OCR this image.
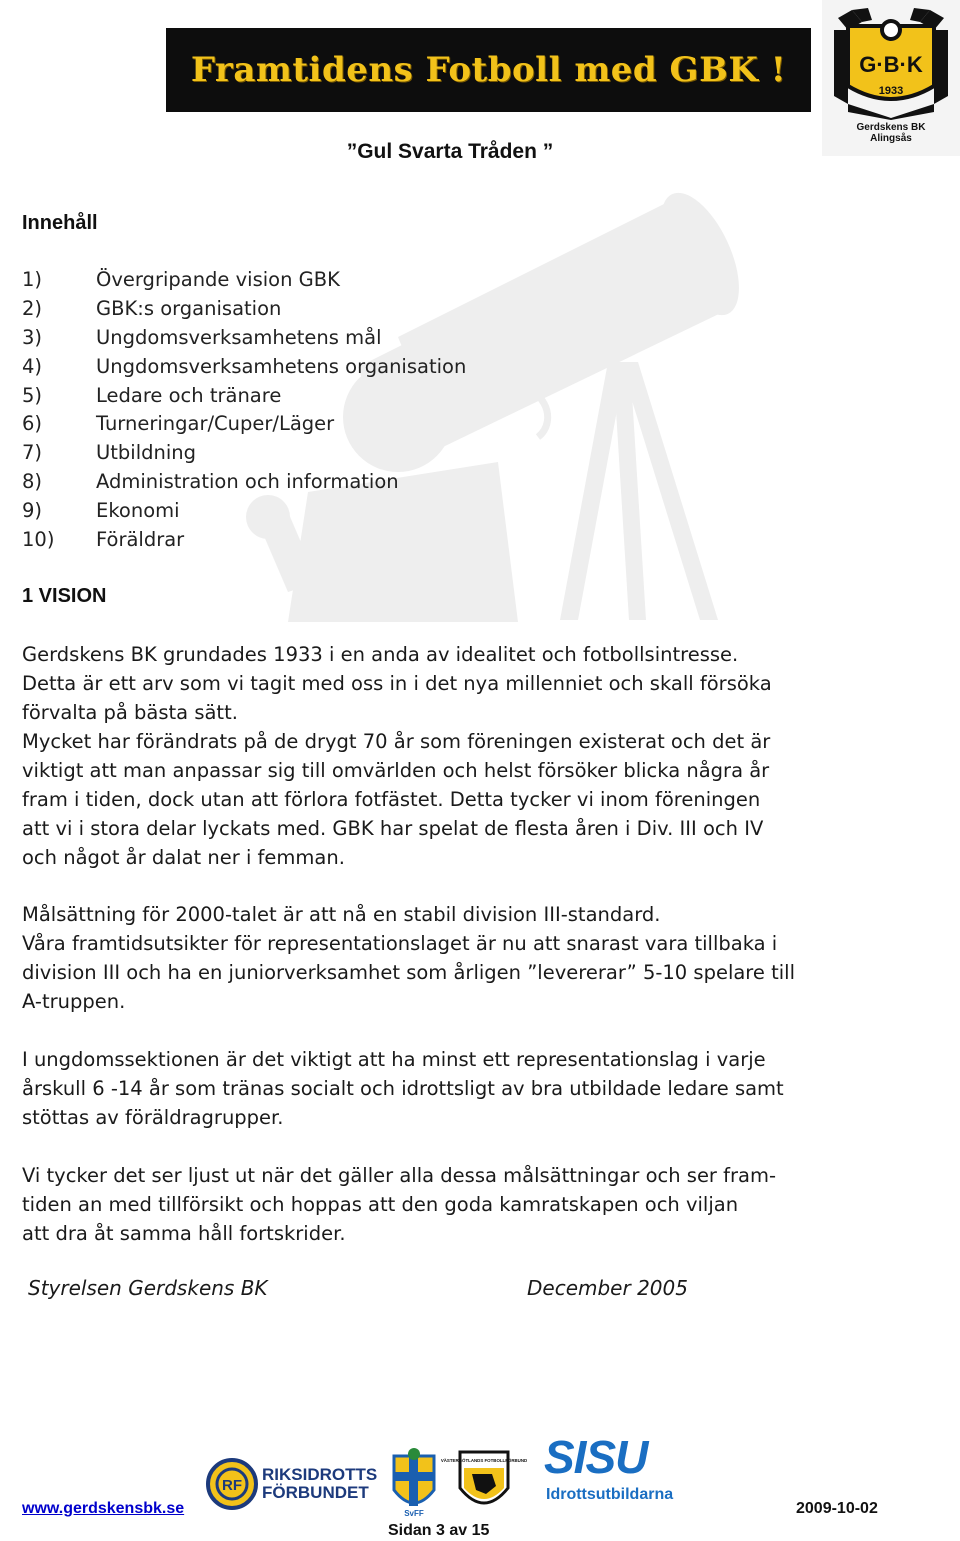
Framtidens Fotboll med GBK !	G·B·K
1933
Gerdskens BK
Alingsås
”Gul Svarta Tråden ”
Innehåll
1)	Övergripande vision GBK
2)	GBK:s organisation
3)	Ungdomsverksamhetens mål
4)	Ungdomsverksamhetens organisation
5)	Ledare och tränare
6)	Turneringar/Cuper/Läger
7)	Utbildning
8)	Administration och information
9)	Ekonomi
10) Föräldrar
1 VISION

Gerdskens BK grundades 1933 i en anda av idealitet och fotbollsintresse.
Detta är ett arv som vi tagit med oss in i det nya millenniet och skall försöka
förvalta på bästa sätt.
Mycket har förändrats på de drygt 70 år som föreningen existerat och det är
viktigt att man anpassar sig till omvärlden och helst försöker blicka några år
fram i tiden, dock utan att förlora fotfästet. Detta tycker vi inom föreningen
att vi i stora delar lyckats med. GBK har spelat de flesta åren i Div. III och IV
och något år dalat ner i femman.

Målsättning för 2000-talet är att nå en stabil division III-standard.
Våra framtidsutsikter för representationslaget är nu att snarast vara tillbaka i
division III och ha en juniorverksamhet som årligen ”levererar” 5-10 spelare till
A-truppen.

I ungdomssektionen är det viktigt att ha minst ett representationslag i varje
årskull 6 -14 år som tränas socialt och idrottsligt av bra utbildade ledare samt
stöttas av föräldragrupper.

Vi tycker det ser ljust ut när det gäller alla dessa målsättningar och ser fram-
tiden an med tillförsikt och hoppas att den goda kamratskapen och viljan
att dra åt samma håll fortskrider.

Styrelsen Gerdskens BK	December 2005
RF
RIKSIDROTTS
FÖRBUNDET
SvFF
VÄSTERGÖTLANDS FOTBOLLFÖRBUND SISU
Idrottsutbildarna
www.gerdskensbk.se	2009-10-02
Sidan 3 av 15
